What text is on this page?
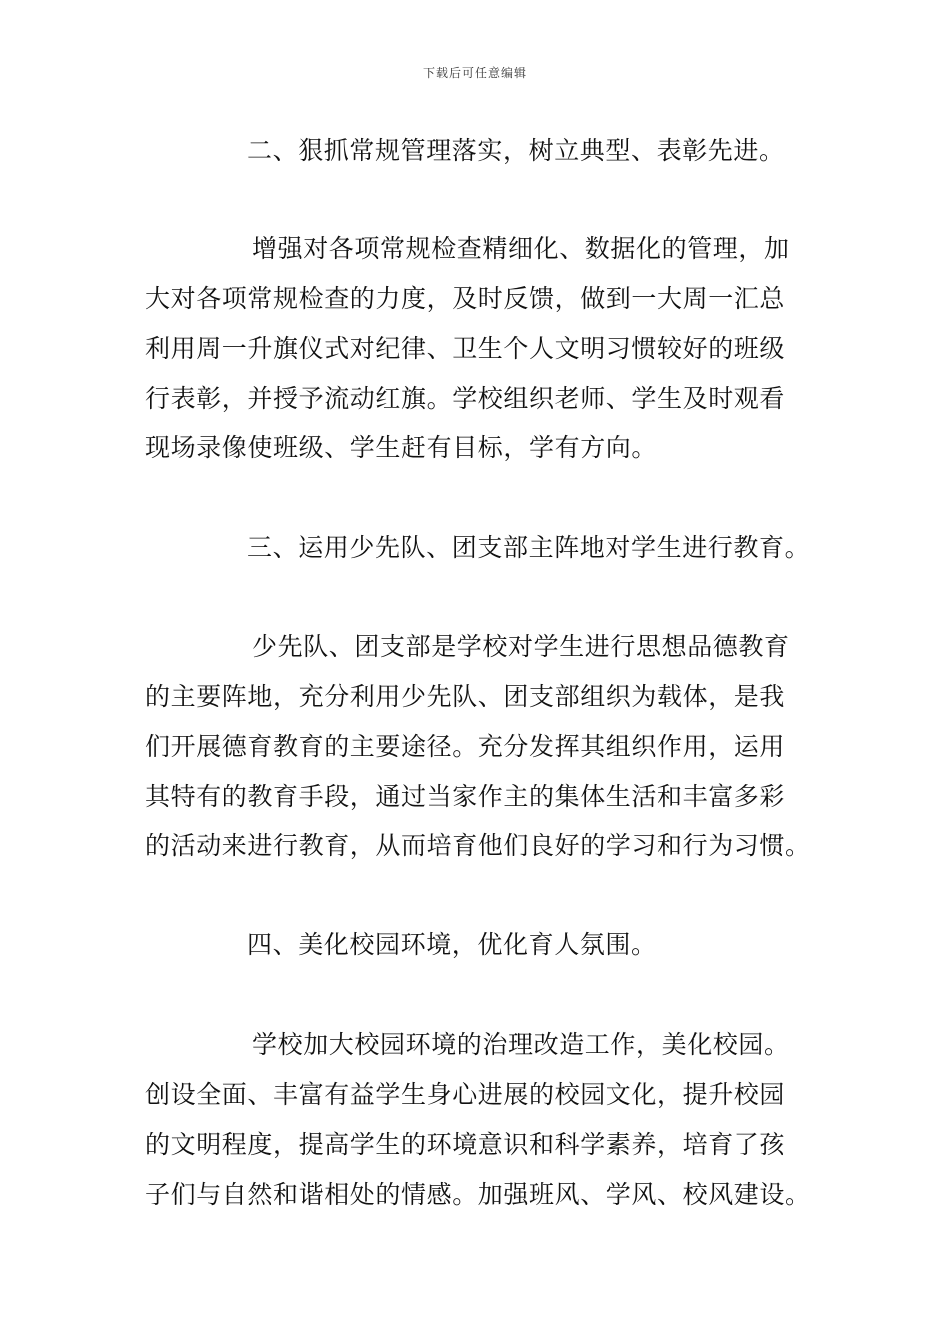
下载后可任意编辑
二、狠抓常规管理落实，树立典型、表彰先进。
增强对各项常规检查精细化、数据化的管理，加
大对各项常规检查的力度，及时反馈，做到一大周一汇总
利用周一升旗仪式对纪律、卫生个人文明习惯较好的班级
行表彰，并授予流动红旗。学校组织老师、学生及时观看
现场录像使班级、学生赶有目标，学有方向。
三、运用少先队、团支部主阵地对学生进行教育。
少先队、团支部是学校对学生进行思想品德教育
的主要阵地，充分利用少先队、团支部组织为载体，是我
们开展德育教育的主要途径。充分发挥其组织作用，运用
其特有的教育手段，通过当家作主的集体生活和丰富多彩
的活动来进行教育，从而培育他们良好的学习和行为习惯。
四、美化校园环境，优化育人氛围。
学校加大校园环境的治理改造工作，美化校园。
创设全面、丰富有益学生身心进展的校园文化，提升校园
的文明程度，提高学生的环境意识和科学素养，培育了孩
子们与自然和谐相处的情感。加强班风、学风、校风建设。
